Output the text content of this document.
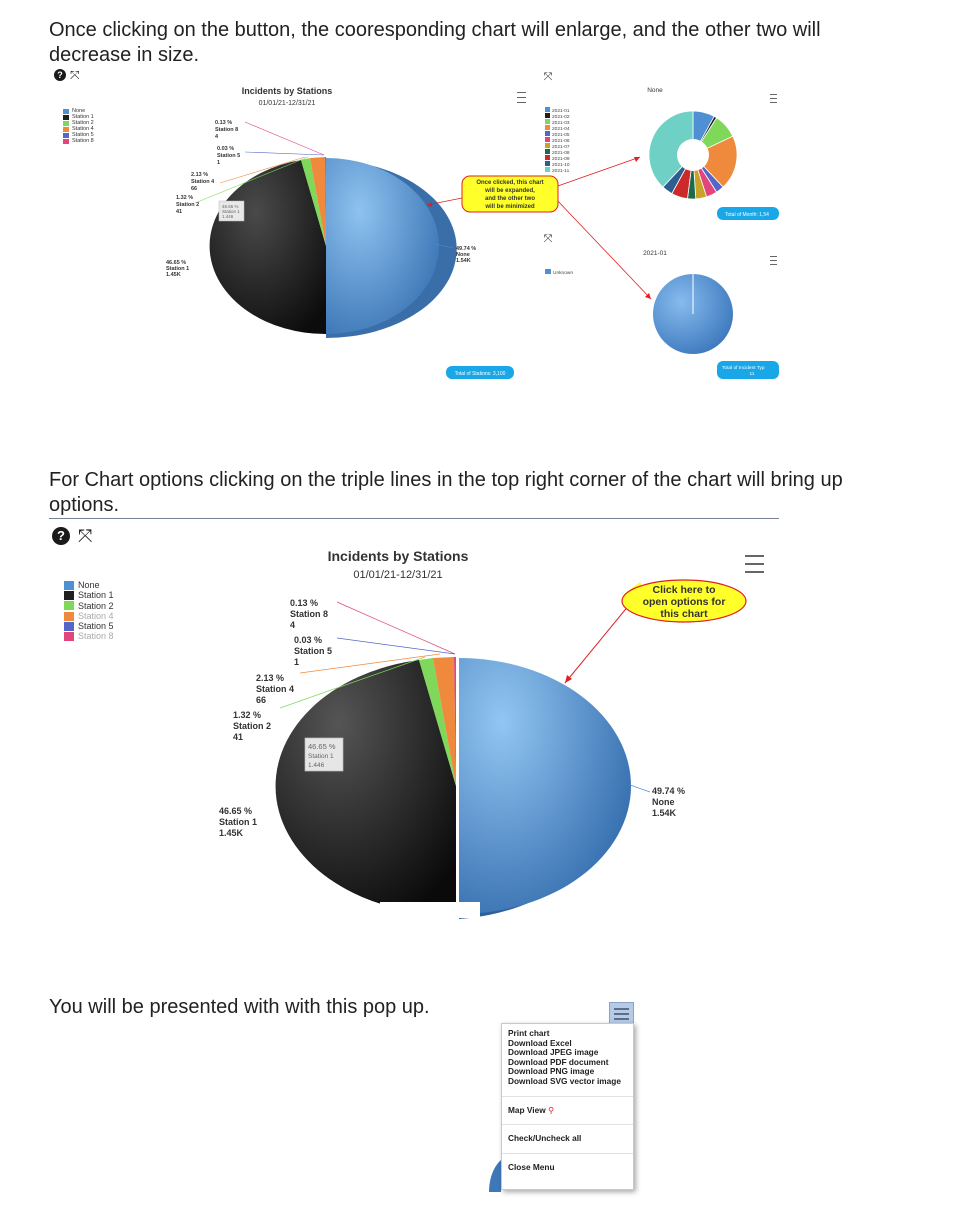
Once clicking on the button, the cooresponding chart will enlarge, and the other two will decrease in size.

? ⤧
None
Station 1
Station 2
Station 4
Station 5
Station 8
Incidents by Stations
01/01/21-12/31/21
0.13 %
Station 8
4
0.03 %
Station 5
1
2.13 %
Station 4
66
1.32 %
Station 2
41
46.65 %
Station 1
1.45K
49.74 %
None
1.54K
46.65 %
Station 1
1.446
Total of Stations: 3,100
Once clicked, this chart
will be expanded,
and the other two
will be minimized
⤧
⤧
2021-01
2021-02
2021-03
2021-04
2021-05
2021-06
2021-07
2021-08
2021-09
2021-10
2021-11
Unknown
None
Total of Month: 1,54
2021-01
Total of Incident Typ
11

For Chart options clicking on the triple lines in the top right corner of the chart will bring up options.

? ⤧
None
Station 1
Station 2
Station 4
Station 5
Station 8
Incidents by Stations
01/01/21-12/31/21
Click here to
open options for
this chart
0.13 %
Station 8
4
0.03 %
Station 5
1
2.13 %
Station 4
66
1.32 %
Station 2
41
46.65 %
Station 1
1.45K
49.74 %
None
1.54K
46.65 %
Station 1
1.446

You will be presented with with this pop up.

Print chart
Download Excel
Download JPEG image
Download PDF document
Download PNG image
Download SVG vector image
Map View ⚲
Check/Uncheck all
Close Menu
